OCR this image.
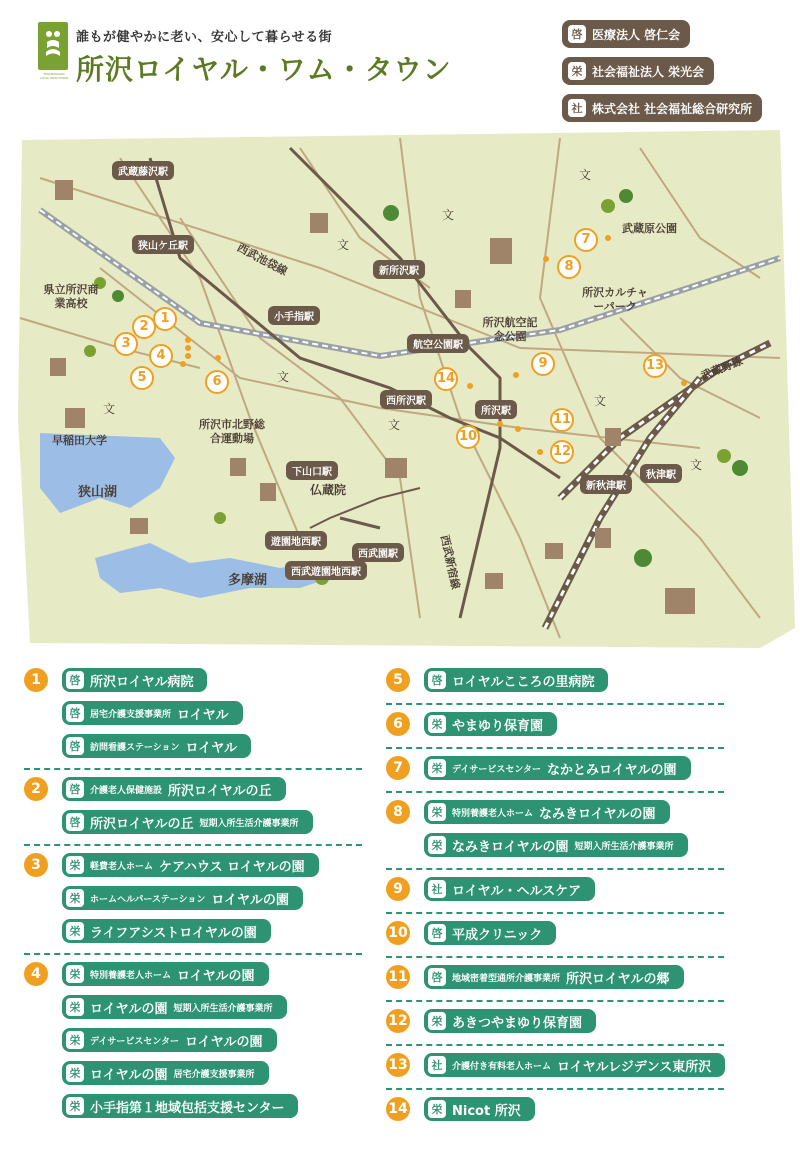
TOKOROZAWA LOYAL WAM TOWN
誰もが健やかに老い、安心して暮らせる街
所沢ロイヤル・ワム・タウン
啓 医療法人 啓仁会
栄 社会福祉法人 栄光会
社 株式会社 社会福祉総合研究所
武蔵藤沢駅
狭山ケ丘駅
新所沢駅
小手指駅
航空公園駅
西所沢駅
所沢駅
下山口駅
遊園地西駅
西武園駅
西武遊園地西駅
新秋津駅
秋津駅
西武池袋線
県立所沢商業高校
所沢航空記念公園
所沢カルチャーパーク
武蔵原公園
所沢市北野総合運動場
早稲田大学
狭山湖
多摩湖
仏蔵院
西武新宿線
武蔵野線
文
文
文
文
文
文
文
文
1
2
3
4
5	6
7
8
9
10
11
12
13
14
1	啓 所沢ロイヤル病院
啓	居宅介護支援事業所 ロイヤル
啓	訪問看護ステーション ロイヤル
2	啓	介護老人保健施設 所沢ロイヤルの丘
啓 所沢ロイヤルの丘 短期入所生活介護事業所
3	栄	軽費老人ホーム ケアハウス ロイヤルの園
栄	ホームヘルパーステーション ロイヤルの園
栄 ライフアシストロイヤルの園
4	栄	特別養護老人ホーム ロイヤルの園
栄 ロイヤルの園 短期入所生活介護事業所
栄	デイサービスセンター ロイヤルの園
栄 ロイヤルの園 居宅介護支援事業所
栄 小手指第１地域包括支援センター
5	啓 ロイヤルこころの里病院
6	栄 やまゆり保育園
7	栄	デイサービスセンター なかとみロイヤルの園
8	栄	特別養護老人ホーム なみきロイヤルの園
栄 なみきロイヤルの園 短期入所生活介護事業所
9	社 ロイヤル・ヘルスケア
10	啓 平成クリニック
11	啓	地域密着型通所介護事業所 所沢ロイヤルの郷
12	栄 あきつやまゆり保育園
13	社	介護付き有料老人ホーム ロイヤルレジデンス東所沢
14	栄 Nicot 所沢
